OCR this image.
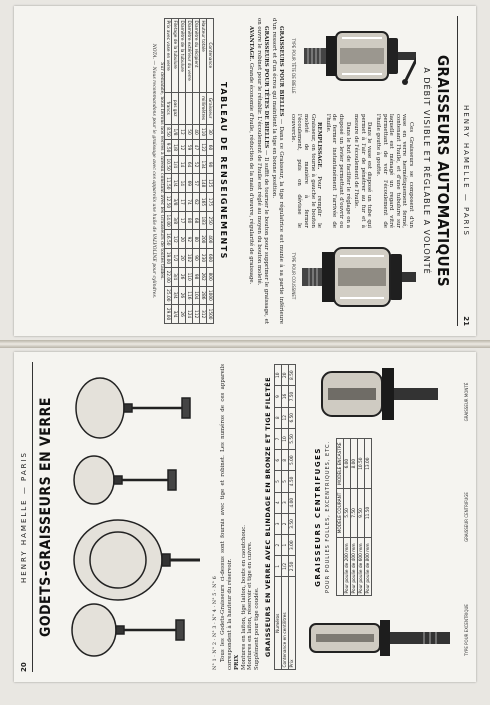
HENRY HAMELLE — PARIS
21
GRAISSEURS AUTOMATIQUES
A DÉBIT VISIBLE ET RÉGLABLE A VOLONTÉ
TYPE POUR TÊTE DE BIELLE
TYPE POUR COUSSINET

Ces Graisseurs se composent d'un vase en verre hermétiquement fermé, contenant l'huile, et d'une tubulure sur laquelle est ménagé un regard vitré permettant de voir l'écoulement de l'huile goutte à goutte.

Dans le vase est disposé un tube qui permet à l'air de pénétrer au fur et à mesure de l'écoulement de l'huile.

Dans le but de faciliter le réglage on a disposé un levier permettant d'ouvrir ou de fermer instantanément l'arrivée de l'huile.

REMPLISSAGE. Pour remplir le Graisseur, on tourne à gauche le bouton moleté de manière à fermer l'écoulement, puis on dévisse le couvercle.

GRAISSEURS POUR BIELLES — Dans ce Graisseur, la tige régulatrice est munie à sa partie inférieure d'un ressort et d'un écrou qui maintient la tige en bonne position.

GRAISSEURS POUR TÊTES DE BIELLES — Il suffit de tourner le bouton pour supprimer le graissage, et on ouvre le robinet pour le rétablir. L'écoulement de l'huile est réglé au moyen du bouton moleté.

AVANTAGE. Grande économie d'huile, réduction de la main d'œuvre, régularité de graissage.

TABLEAU DE RENSEIGNEMENTS
Contenance	Graisseur	30	60	90	125	175	250	400	600	800	1000	1500
Hauteur totale	millimètres	110	122	134	148	165	183	200	230	262	286	312
Diamètre du récipient		40	47	52	57	62	68	80	90	98	104	112
Diamètre extérieur du verre		50	59	64	69	74	80	92	102	110	116	124
Diamètre de la tubulure		12	12	14	14	17	17	20	20	26	26	26
Filetage de la tubulure	pas gaz	1/8	1/8	1/4	1/4	3/8	3/8	1/2	1/2	3/4	3/4	3/4
Prix avec vase en verre	francs	8.50	9.50	10.50	11.50	12.50	14.00	16.50	19.00	22.00	25.00	29.00
Sur demande, nous livrons nos verres à niveau constant avec les Graisseurs de toutes tailles.
NOTA. — Nous recommandons pour le graissage avec ces appareils une huile de VALVOLINE pour cylindres.
20
HENRY HAMELLE — PARIS GODETS-GRAISSEURS EN VERRE
N° 1 · N° 2 · N° 3 · N° 4 · N° 5 · N° 6 Tous les Godets-Graisseurs ci-dessus sont fournis avec tige et robinet. Les numéros de ces appareils correspondent à la hauteur du réservoir. PRIX Montures en laiton, tige laiton, bouts en caoutchouc. Montures en laiton, réservoir et tige en cuivre. Supplément pour tige coudée. GRAISSEURS EN VERRE AVEC BLINDAGE EN BRONZE ET TIGE FILETÉE Numéros	1	2	3	4	5	6	7	8	9	10
Contenance en centilitres	1/2	1	2	3	5	8	10	12	16	20
Prix	2.50	3.00	3.50	4.00	4.50	5.00	5.50	6.50	7.50	8.50
GRAISSEURS CENTRIFUGES POUR POULIES FOLLES, EXCENTRIQUES, ETC.
	MODÈLE COURANT	MODÈLE ENCASTRÉ
Pour poulie de 200 mm	5.50	6.00
Pour poulie de 400 mm	7.50	8.00
Pour poulie de 600 mm	9.50	10.50
Pour poulie de 800 mm	11.50	13.00
TYPE POUR EXCENTRIQUE
GRAISSEUR CENTRIFUGE
GRAISSEUR MONTÉ
